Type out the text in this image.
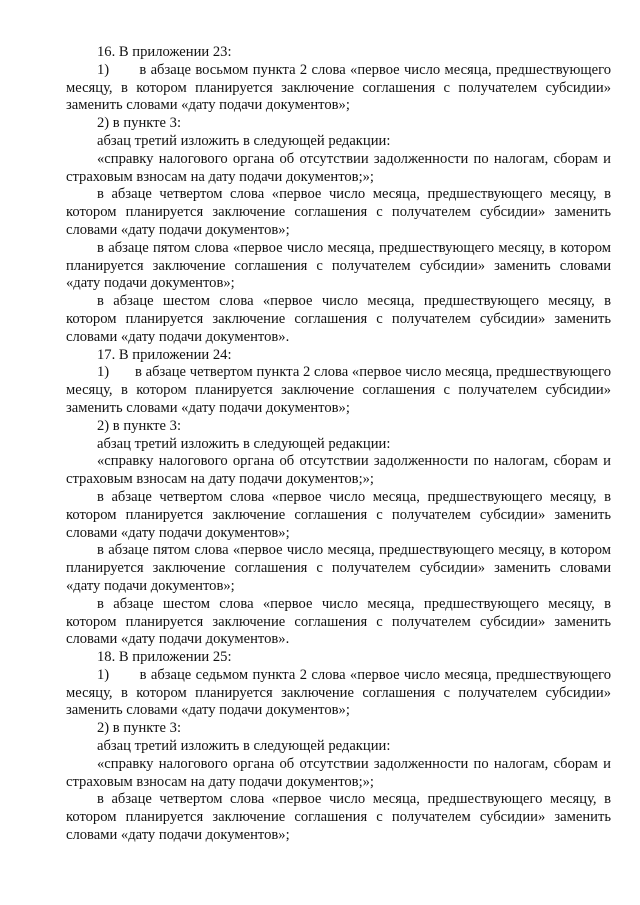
16. В приложении 23:

1)       в абзаце восьмом пункта 2 слова «первое число месяца, предшествующего месяцу, в котором планируется заключение соглашения с получателем субсидии» заменить словами «дату подачи документов»;

2) в пункте 3:

абзац третий изложить в следующей редакции:

«справку налогового органа об отсутствии задолженности по налогам, сборам и страховым взносам на дату подачи документов;»;

в абзаце четвертом слова «первое число месяца, предшествующего месяцу, в котором планируется заключение соглашения с получателем субсидии» заменить словами «дату подачи документов»;

в абзаце пятом слова «первое число месяца, предшествующего месяцу, в котором планируется заключение соглашения с получателем субсидии» заменить словами «дату подачи документов»;

в абзаце шестом слова «первое число месяца, предшествующего месяцу, в котором планируется заключение соглашения с получателем субсидии» заменить словами «дату подачи документов».

17. В приложении 24:

1)       в абзаце четвертом пункта 2 слова «первое число месяца, предшествующего месяцу, в котором планируется заключение соглашения с получателем субсидии» заменить словами «дату подачи документов»;

2) в пункте 3:

абзац третий изложить в следующей редакции:

«справку налогового органа об отсутствии задолженности по налогам, сборам и страховым взносам на дату подачи документов;»;

в абзаце четвертом слова «первое число месяца, предшествующего месяцу, в котором планируется заключение соглашения с получателем субсидии» заменить словами «дату подачи документов»;

в абзаце пятом слова «первое число месяца, предшествующего месяцу, в котором планируется заключение соглашения с получателем субсидии» заменить словами «дату подачи документов»;

в абзаце шестом слова «первое число месяца, предшествующего месяцу, в котором планируется заключение соглашения с получателем субсидии» заменить словами «дату подачи документов».

18. В приложении 25:

1)       в абзаце седьмом пункта 2 слова «первое число месяца, предшествующего месяцу, в котором планируется заключение соглашения с получателем субсидии» заменить словами «дату подачи документов»;

2) в пункте 3:

абзац третий изложить в следующей редакции:

«справку налогового органа об отсутствии задолженности по налогам, сборам и страховым взносам на дату подачи документов;»;

в абзаце четвертом слова «первое число месяца, предшествующего месяцу, в котором планируется заключение соглашения с получателем субсидии» заменить словами «дату подачи документов»;
